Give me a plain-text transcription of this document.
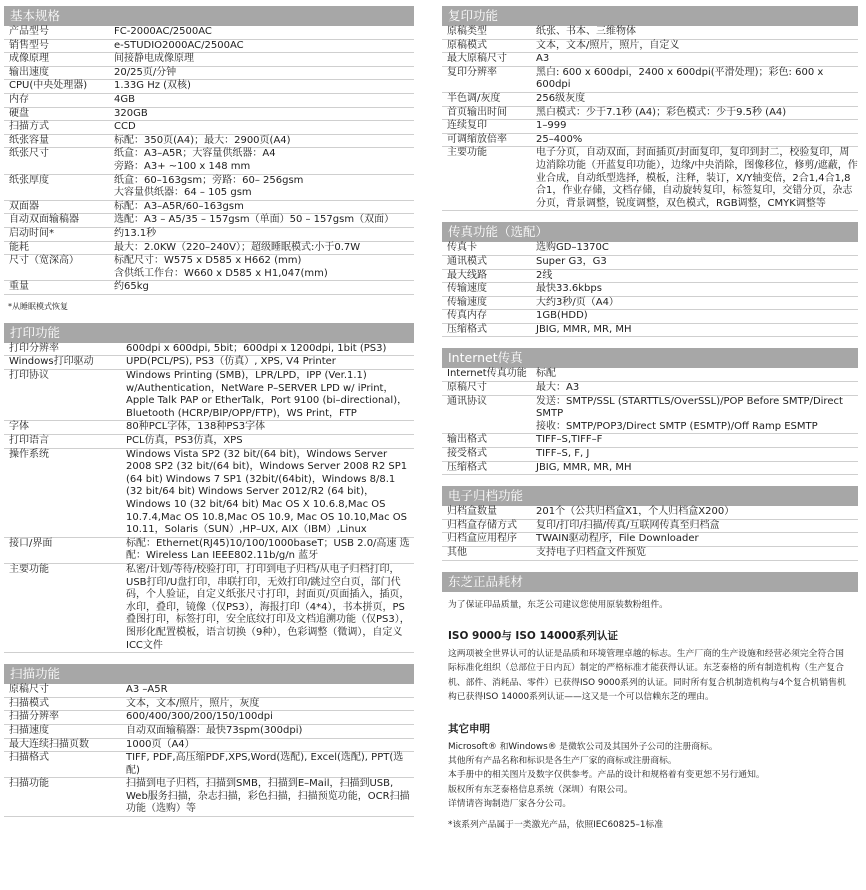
基本规格
产品型号	FC-2000AC/2500AC
销售型号	e-STUDIO2000AC/2500AC
成像原理	间接静电成像原理
输出速度	20/25页/分钟
CPU(中央处理器)	1.33G Hz (双核)
内存	4GB
硬盘	320GB
扫描方式	CCD
纸张容量	标配：350页(A4)；最大：2900页(A4)
纸张尺寸	纸盒：A3–A5R；大容量供纸器：A4
旁路：A3+ ~100 x 148 mm
纸张厚度	纸盒：60–163gsm；旁路：60– 256gsm
大容量供纸器：64 – 105 gsm
双面器	标配：A3–A5R/60–163gsm
自动双面输稿器	选配：A3 – A5/35 – 157gsm（单面）50 – 157gsm（双面）
启动时间*	约13.1秒
能耗	最大：2.0KW（220–240V）；超级睡眠模式:小于0.7W
尺寸（宽深高）	标配尺寸：W575 x D585 x H662 (mm)
含供纸工作台：W660 x D585 x H1,047(mm)
重量	约65kg
*从睡眠模式恢复
打印功能
打印分辨率	600dpi x 600dpi, 5bit；600dpi x 1200dpi, 1bit (PS3)
Windows打印驱动	UPD(PCL/PS), PS3（仿真）, XPS, V4 Printer
打印协议	Windows Printing (SMB)，LPR/LPD，IPP (Ver.1.1) w/Authentication，NetWare P–SERVER LPD w/ iPrint，Apple Talk PAP or EtherTalk，Port 9100 (bi–directional)，Bluetooth (HCRP/BIP/OPP/FTP)，WS Print，FTP
字体	80种PCL字体，138种PS3字体
打印语言	PCL仿真，PS3仿真，XPS
操作系统	Windows Vista SP2 (32 bit/(64 bit)，Windows Server 2008 SP2 (32 bit/(64 bit)，Windows Server 2008 R2 SP1 (64 bit) Windows 7 SP1 (32bit/(64bit)，Windows 8/8.1 (32 bit/64 bit) Windows Server 2012/R2 (64 bit)，Windows 10 (32 bit/64 bit) Mac OS X 10.6.8,Mac OS 10.7.4,Mac OS 10.8,Mac OS 10.9, Mac OS 10.10,Mac OS 10.11，Solaris（SUN）,HP–UX, AIX（IBM）,Linux
接口/界面	标配：Ethernet(RJ45)10/100/1000baseT；USB 2.0/高速 选配：Wireless Lan IEEE802.11b/g/n 蓝牙
主要功能	私密/计划/等待/校验打印，打印到电子归档/从电子归档打印，USB打印/U盘打印，串联打印，无效打印/跳过空白页，部门代码，个人验证，自定义纸张尺寸打印，封面页/页面插入，插页，水印，叠印，镜像（仅PS3），海报打印（4*4），书本拼页，PS叠图打印，标签打印，安全底纹打印及文档追溯功能（仅PS3），图形化配置模板，语言切换（9种），色彩调整（微调），自定义ICC文件
扫描功能
原稿尺寸	A3 –A5R
扫描模式	文本，文本/照片，照片，灰度
扫描分辨率	600/400/300/200/150/100dpi
扫描速度	自动双面输稿器：最快73spm(300dpi)
最大连续扫描页数	1000页（A4）
扫描格式	TIFF, PDF,高压缩PDF,XPS,Word(选配), Excel(选配), PPT(选配)
扫描功能	扫描到电子归档，扫描到SMB，扫描到E–Mail，扫描到USB, Web服务扫描，杂志扫描，彩色扫描，扫描预览功能，OCR扫描功能（选购）等
复印功能
原稿类型	纸张、书本、三维物体
原稿模式	文本，文本/照片，照片，自定义
最大原稿尺寸	A3
复印分辨率	黑白: 600 x 600dpi，2400 x 600dpi(平滑处理)；彩色: 600 x 600dpi
半色调/灰度	256级灰度
首页输出时间	黑白模式：少于7.1秒 (A4)；彩色模式：少于9.5秒 (A4)
连续复印	1–999
可调缩放倍率	25–400%
主要功能	电子分页，自动双面，封面插页/封面复印，复印到封二，校验复印，周边消除功能（开蓝复印功能），边缘/中央消除，图像移位，修剪/遮蔽，作业合成，自动纸型选择，模板，注释，装订，X/Y轴变倍，2合1,4合1,8合1，作业存储，文档存储，自动旋转复印，标签复印，交错分页，杂志分页，背景调整，锐度调整，双色模式，RGB调整，CMYK调整等
传真功能（选配）
传真卡	选购GD–1370C
通讯模式	Super G3，G3
最大线路	2线
传输速度	最快33.6kbps
传输速度	大约3秒/页（A4）
传真内存	1GB(HDD)
压缩格式	JBIG, MMR, MR, MH
Internet传真
Internet传真功能	标配
原稿尺寸	最大：A3
通讯协议	发送：SMTP/SSL (STARTTLS/OverSSL)/POP Before SMTP/Direct SMTP
接收：SMTP/POP3/Direct SMTP (ESMTP)/Off Ramp ESMTP
输出格式	TIFF–S,TIFF–F
接受格式	TIFF–S, F, J
压缩格式	JBIG, MMR, MR, MH
电子归档功能
归档盒数量	201个（公共归档盒X1，个人归档盒X200）
归档盒存储方式	复印/打印/扫描/传真/互联网传真至归档盒
归档盒应用程序	TWAIN驱动程序，File Downloader
其他	支持电子归档盒文件预览
东芝正品耗材
为了保证印品质量，东芝公司建议您使用原装数粉组件。
ISO 9000与 ISO 14000系列认证
这两项被全世界认可的认证是品质和环境管理卓越的标志。生产厂商的生产设施和经营必须完全符合国际标准化组织（总部位于日内瓦）制定的严格标准才能获得认证。东芝泰格的所有制造机构（生产复合机、部件、消耗品、零件）已获得ISO 9000系列的认证。同时所有复合机制造机构与4个复合机销售机构已获得ISO 14000系列认证——这又是一个可以信赖东芝的理由。
其它申明
Microsoft® 和Windows® 是微软公司及其国外子公司的注册商标。
其他所有产品名称和标识是各生产厂家的商标或注册商标。
本手册中的相关图片及数字仅供参考。产品的设计和规格着有变更恕不另行通知。
版权所有东芝泰格信息系统（深圳）有限公司。
详情请咨询制造厂家各分公司。
*该系列产品属于一类激光产品，依照IEC60825–1标准
